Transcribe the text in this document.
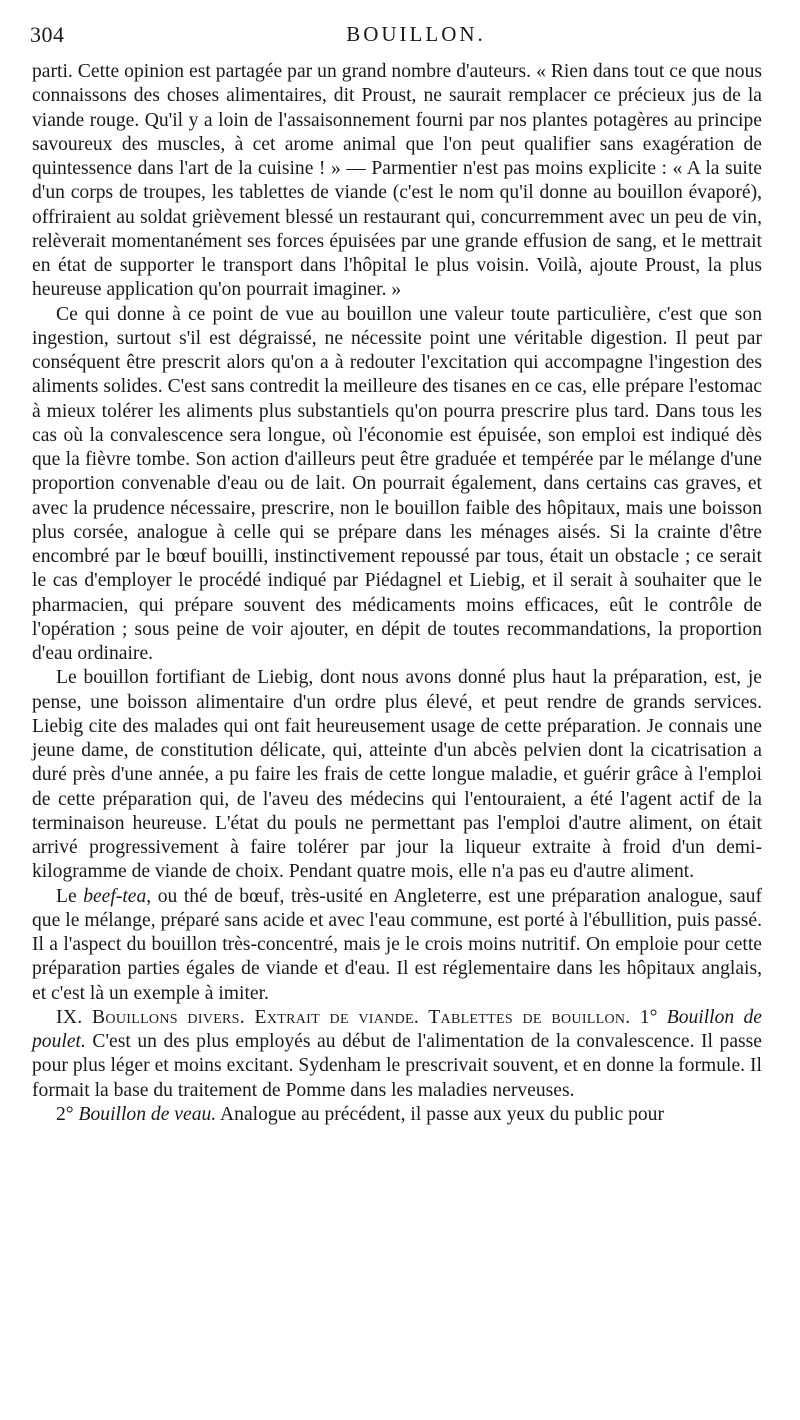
304	BOUILLON.

parti. Cette opinion est partagée par un grand nombre d'auteurs. « Rien dans tout ce que nous connaissons des choses alimentaires, dit Proust, ne saurait remplacer ce précieux jus de la viande rouge. Qu'il y a loin de l'assaisonnement fourni par nos plantes potagères au principe savoureux des muscles, à cet arome animal que l'on peut qualifier sans exagération de quintessence dans l'art de la cuisine ! » — Parmentier n'est pas moins explicite : « A la suite d'un corps de troupes, les tablettes de viande (c'est le nom qu'il donne au bouillon évaporé), offriraient au soldat grièvement blessé un restaurant qui, concurremment avec un peu de vin, relèverait momentanément ses forces épuisées par une grande effusion de sang, et le mettrait en état de supporter le transport dans l'hôpital le plus voisin. Voilà, ajoute Proust, la plus heureuse application qu'on pourrait imaginer. »

Ce qui donne à ce point de vue au bouillon une valeur toute particulière, c'est que son ingestion, surtout s'il est dégraissé, ne nécessite point une véritable digestion. Il peut par conséquent être prescrit alors qu'on a à redouter l'excitation qui accompagne l'ingestion des aliments solides. C'est sans contredit la meilleure des tisanes en ce cas, elle prépare l'estomac à mieux tolérer les aliments plus substantiels qu'on pourra prescrire plus tard. Dans tous les cas où la convalescence sera longue, où l'économie est épuisée, son emploi est indiqué dès que la fièvre tombe. Son action d'ailleurs peut être graduée et tempérée par le mélange d'une proportion convenable d'eau ou de lait. On pourrait également, dans certains cas graves, et avec la prudence nécessaire, prescrire, non le bouillon faible des hôpitaux, mais une boisson plus corsée, analogue à celle qui se prépare dans les ménages aisés. Si la crainte d'être encombré par le bœuf bouilli, instinctivement repoussé par tous, était un obstacle ; ce serait le cas d'employer le procédé indiqué par Piédagnel et Liebig, et il serait à souhaiter que le pharmacien, qui prépare souvent des médicaments moins efficaces, eût le contrôle de l'opération ; sous peine de voir ajouter, en dépit de toutes recommandations, la proportion d'eau ordinaire.

Le bouillon fortifiant de Liebig, dont nous avons donné plus haut la préparation, est, je pense, une boisson alimentaire d'un ordre plus élevé, et peut rendre de grands services. Liebig cite des malades qui ont fait heureusement usage de cette préparation. Je connais une jeune dame, de constitution délicate, qui, atteinte d'un abcès pelvien dont la cicatrisation a duré près d'une année, a pu faire les frais de cette longue maladie, et guérir grâce à l'emploi de cette préparation qui, de l'aveu des médecins qui l'entouraient, a été l'agent actif de la terminaison heureuse. L'état du pouls ne permettant pas l'emploi d'autre aliment, on était arrivé progressivement à faire tolérer par jour la liqueur extraite à froid d'un demi-kilogramme de viande de choix. Pendant quatre mois, elle n'a pas eu d'autre aliment.

Le beef-tea, ou thé de bœuf, très-usité en Angleterre, est une préparation analogue, sauf que le mélange, préparé sans acide et avec l'eau commune, est porté à l'ébullition, puis passé. Il a l'aspect du bouillon très-concentré, mais je le crois moins nutritif. On emploie pour cette préparation parties égales de viande et d'eau. Il est réglementaire dans les hôpitaux anglais, et c'est là un exemple à imiter.

IX. Bouillons divers. Extrait de viande. Tablettes de bouillon. 1° Bouillon de poulet. C'est un des plus employés au début de l'alimentation de la convalescence. Il passe pour plus léger et moins excitant. Sydenham le prescrivait souvent, et en donne la formule. Il formait la base du traitement de Pomme dans les maladies nerveuses.

2° Bouillon de veau. Analogue au précédent, il passe aux yeux du public pour
